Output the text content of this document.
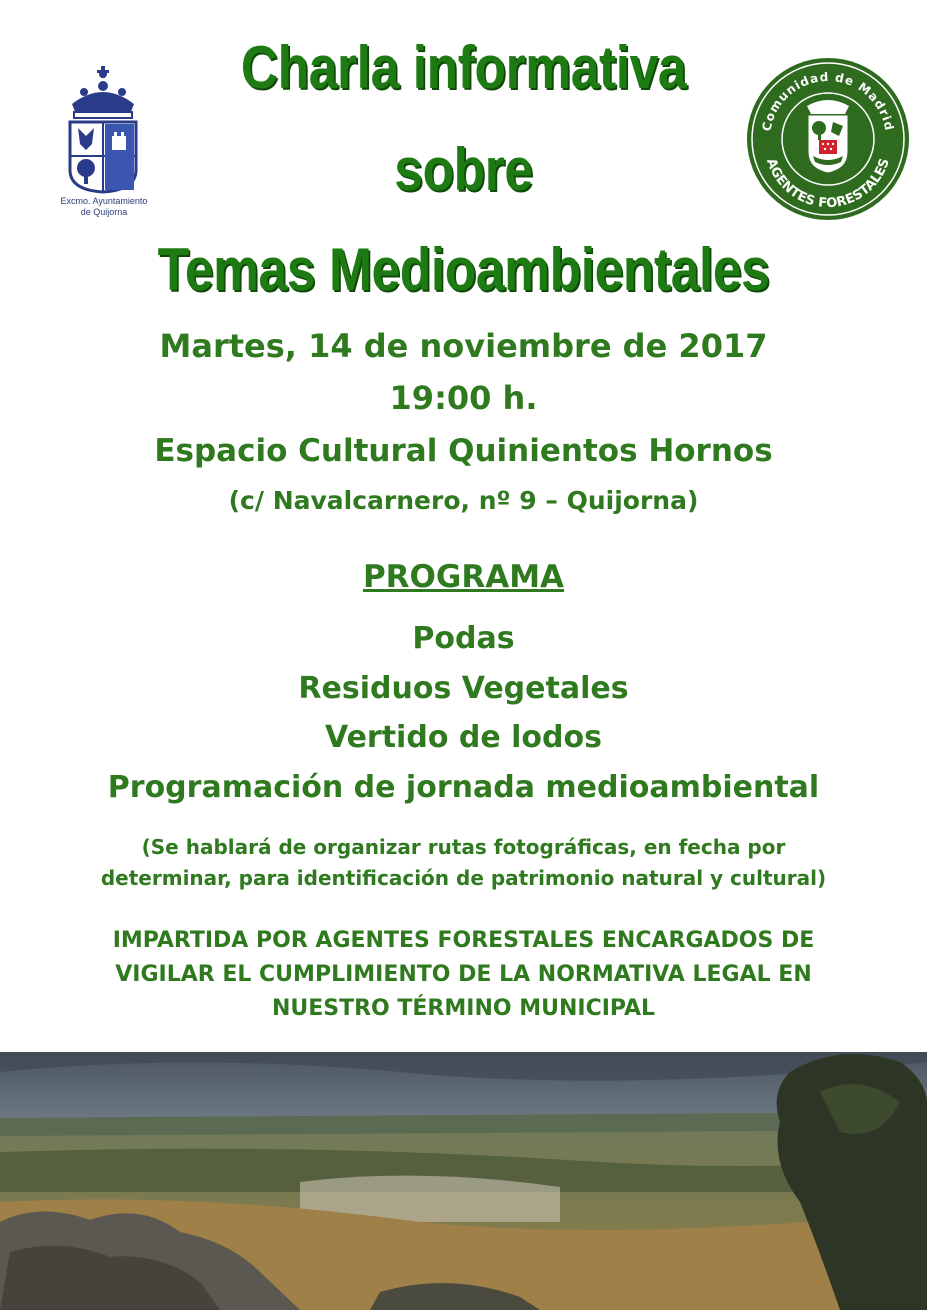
Excmo. Ayuntamiento
de Quijorna
Comunidad de Madrid
AGENTES FORESTALES
Charla informativa
sobre
Temas Medioambientales
Martes, 14 de noviembre de 2017
19:00 h.
Espacio Cultural Quinientos Hornos
(c/ Navalcarnero, nº 9 – Quijorna)
PROGRAMA
Podas
Residuos Vegetales
Vertido de lodos
Programación de jornada medioambiental
(Se hablará de organizar rutas fotográficas, en fecha por
determinar, para identificación de patrimonio natural y cultural)
IMPARTIDA POR AGENTES FORESTALES ENCARGADOS DE
VIGILAR EL CUMPLIMIENTO DE LA NORMATIVA LEGAL EN
NUESTRO TÉRMINO MUNICIPAL
